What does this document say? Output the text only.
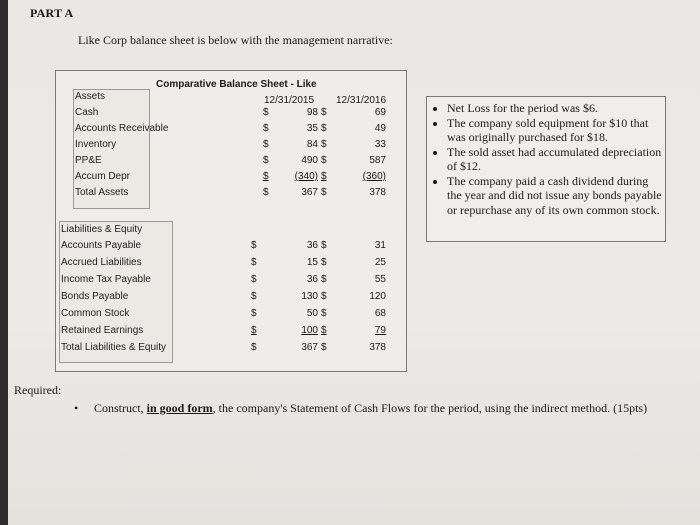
PART A
Like Corp balance sheet is below with the management narrative:
Comparative Balance Sheet - Like
12/31/2015 12/31/2016
Assets
Cash	$	98 $	69
Accounts Receivable	$	35 $	49
Inventory	$	84 $	33
PP&E	$	490 $	587
Accum Depr	$	(340) $	(360)
Total Assets	$	367 $	378
Liabilities & Equity
Accounts Payable	$	36 $	31
Accrued Liabilities	$	15 $	25
Income Tax Payable	$	36 $	55
Bonds Payable	$	130 $	120
Common Stock	$	50 $	68
Retained Earnings	$	100 $	79
Total Liabilities & Equity	$	367 $	378
• Net Loss for the period was $6.
• The company sold equipment for $10 that was originally purchased for $18.
• The sold asset had accumulated depreciation of $12.
• The company paid a cash dividend during the year and did not issue any bonds payable or repurchase any of its own common stock.
Required:
• Construct, in good form, the company's Statement of Cash Flows for the period, using the indirect method. (15pts)
